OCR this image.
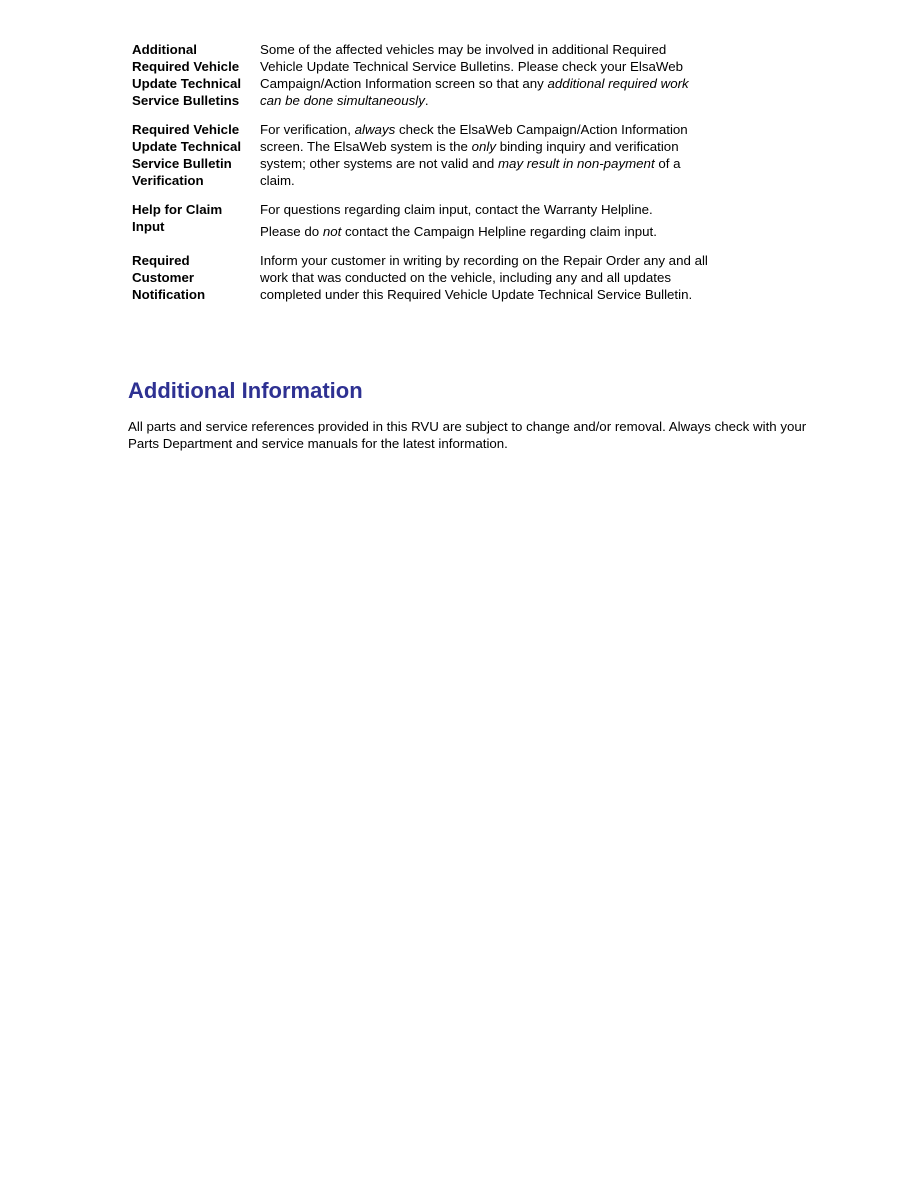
Additional
Required Vehicle
Update Technical
Service Bulletins

Some of the affected vehicles may be involved in additional Required Vehicle Update Technical Service Bulletins. Please check your ElsaWeb Campaign/Action Information screen so that any additional required work can be done simultaneously.

Required Vehicle
Update Technical
Service Bulletin
Verification

For verification, always check the ElsaWeb Campaign/Action Information screen. The ElsaWeb system is the only binding inquiry and verification system; other systems are not valid and may result in non-payment of a claim.

Help for Claim
Input

For questions regarding claim input, contact the Warranty Helpline.

Please do not contact the Campaign Helpline regarding claim input.

Required
Customer
Notification

Inform your customer in writing by recording on the Repair Order any and all work that was conducted on the vehicle, including any and all updates completed under this Required Vehicle Update Technical Service Bulletin.

Additional Information

All parts and service references provided in this RVU are subject to change and/or removal. Always check with your Parts Department and service manuals for the latest information.
